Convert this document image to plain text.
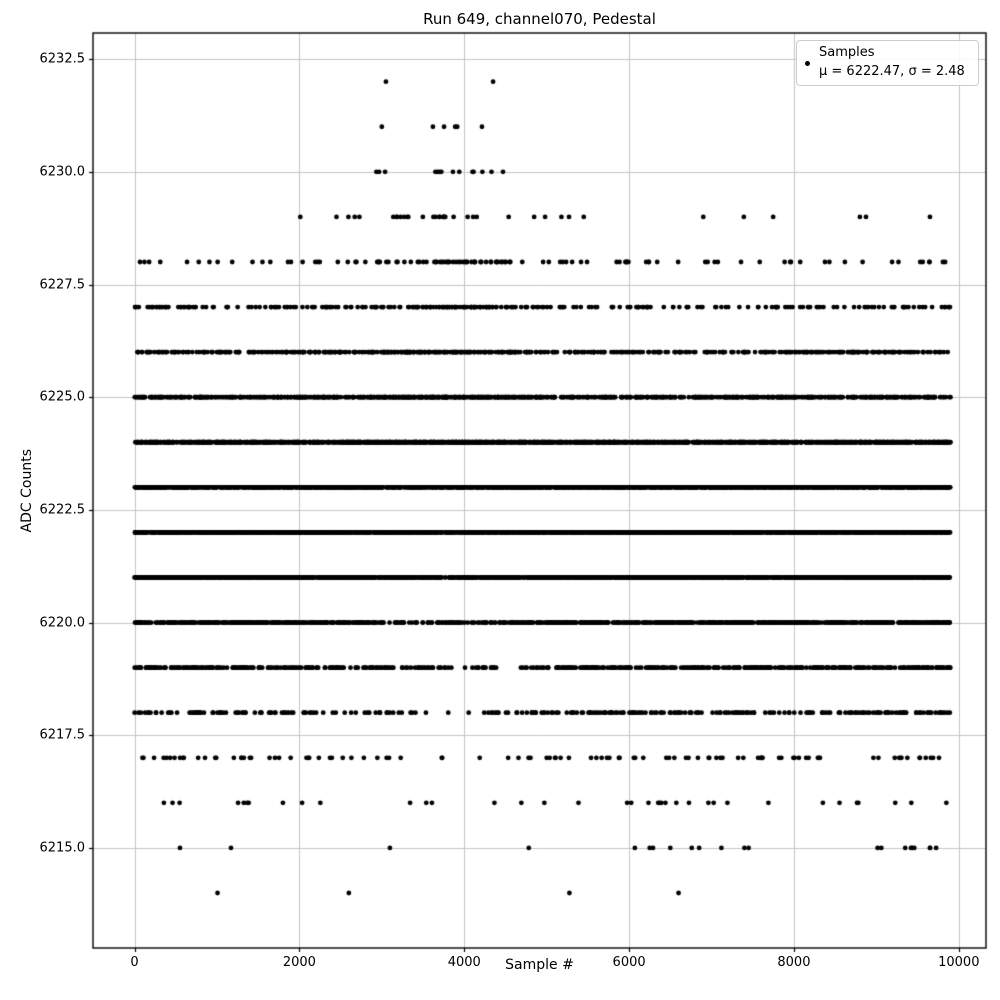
Run 649, channel070, Pedestal
ADC Counts
Sample #
Samples
μ = 6222.47, σ = 2.48
0	2000	4000	6000	8000	10000
6215.0
6217.5
6220.0
6222.5
6225.0
6227.5
6230.0
6232.5
